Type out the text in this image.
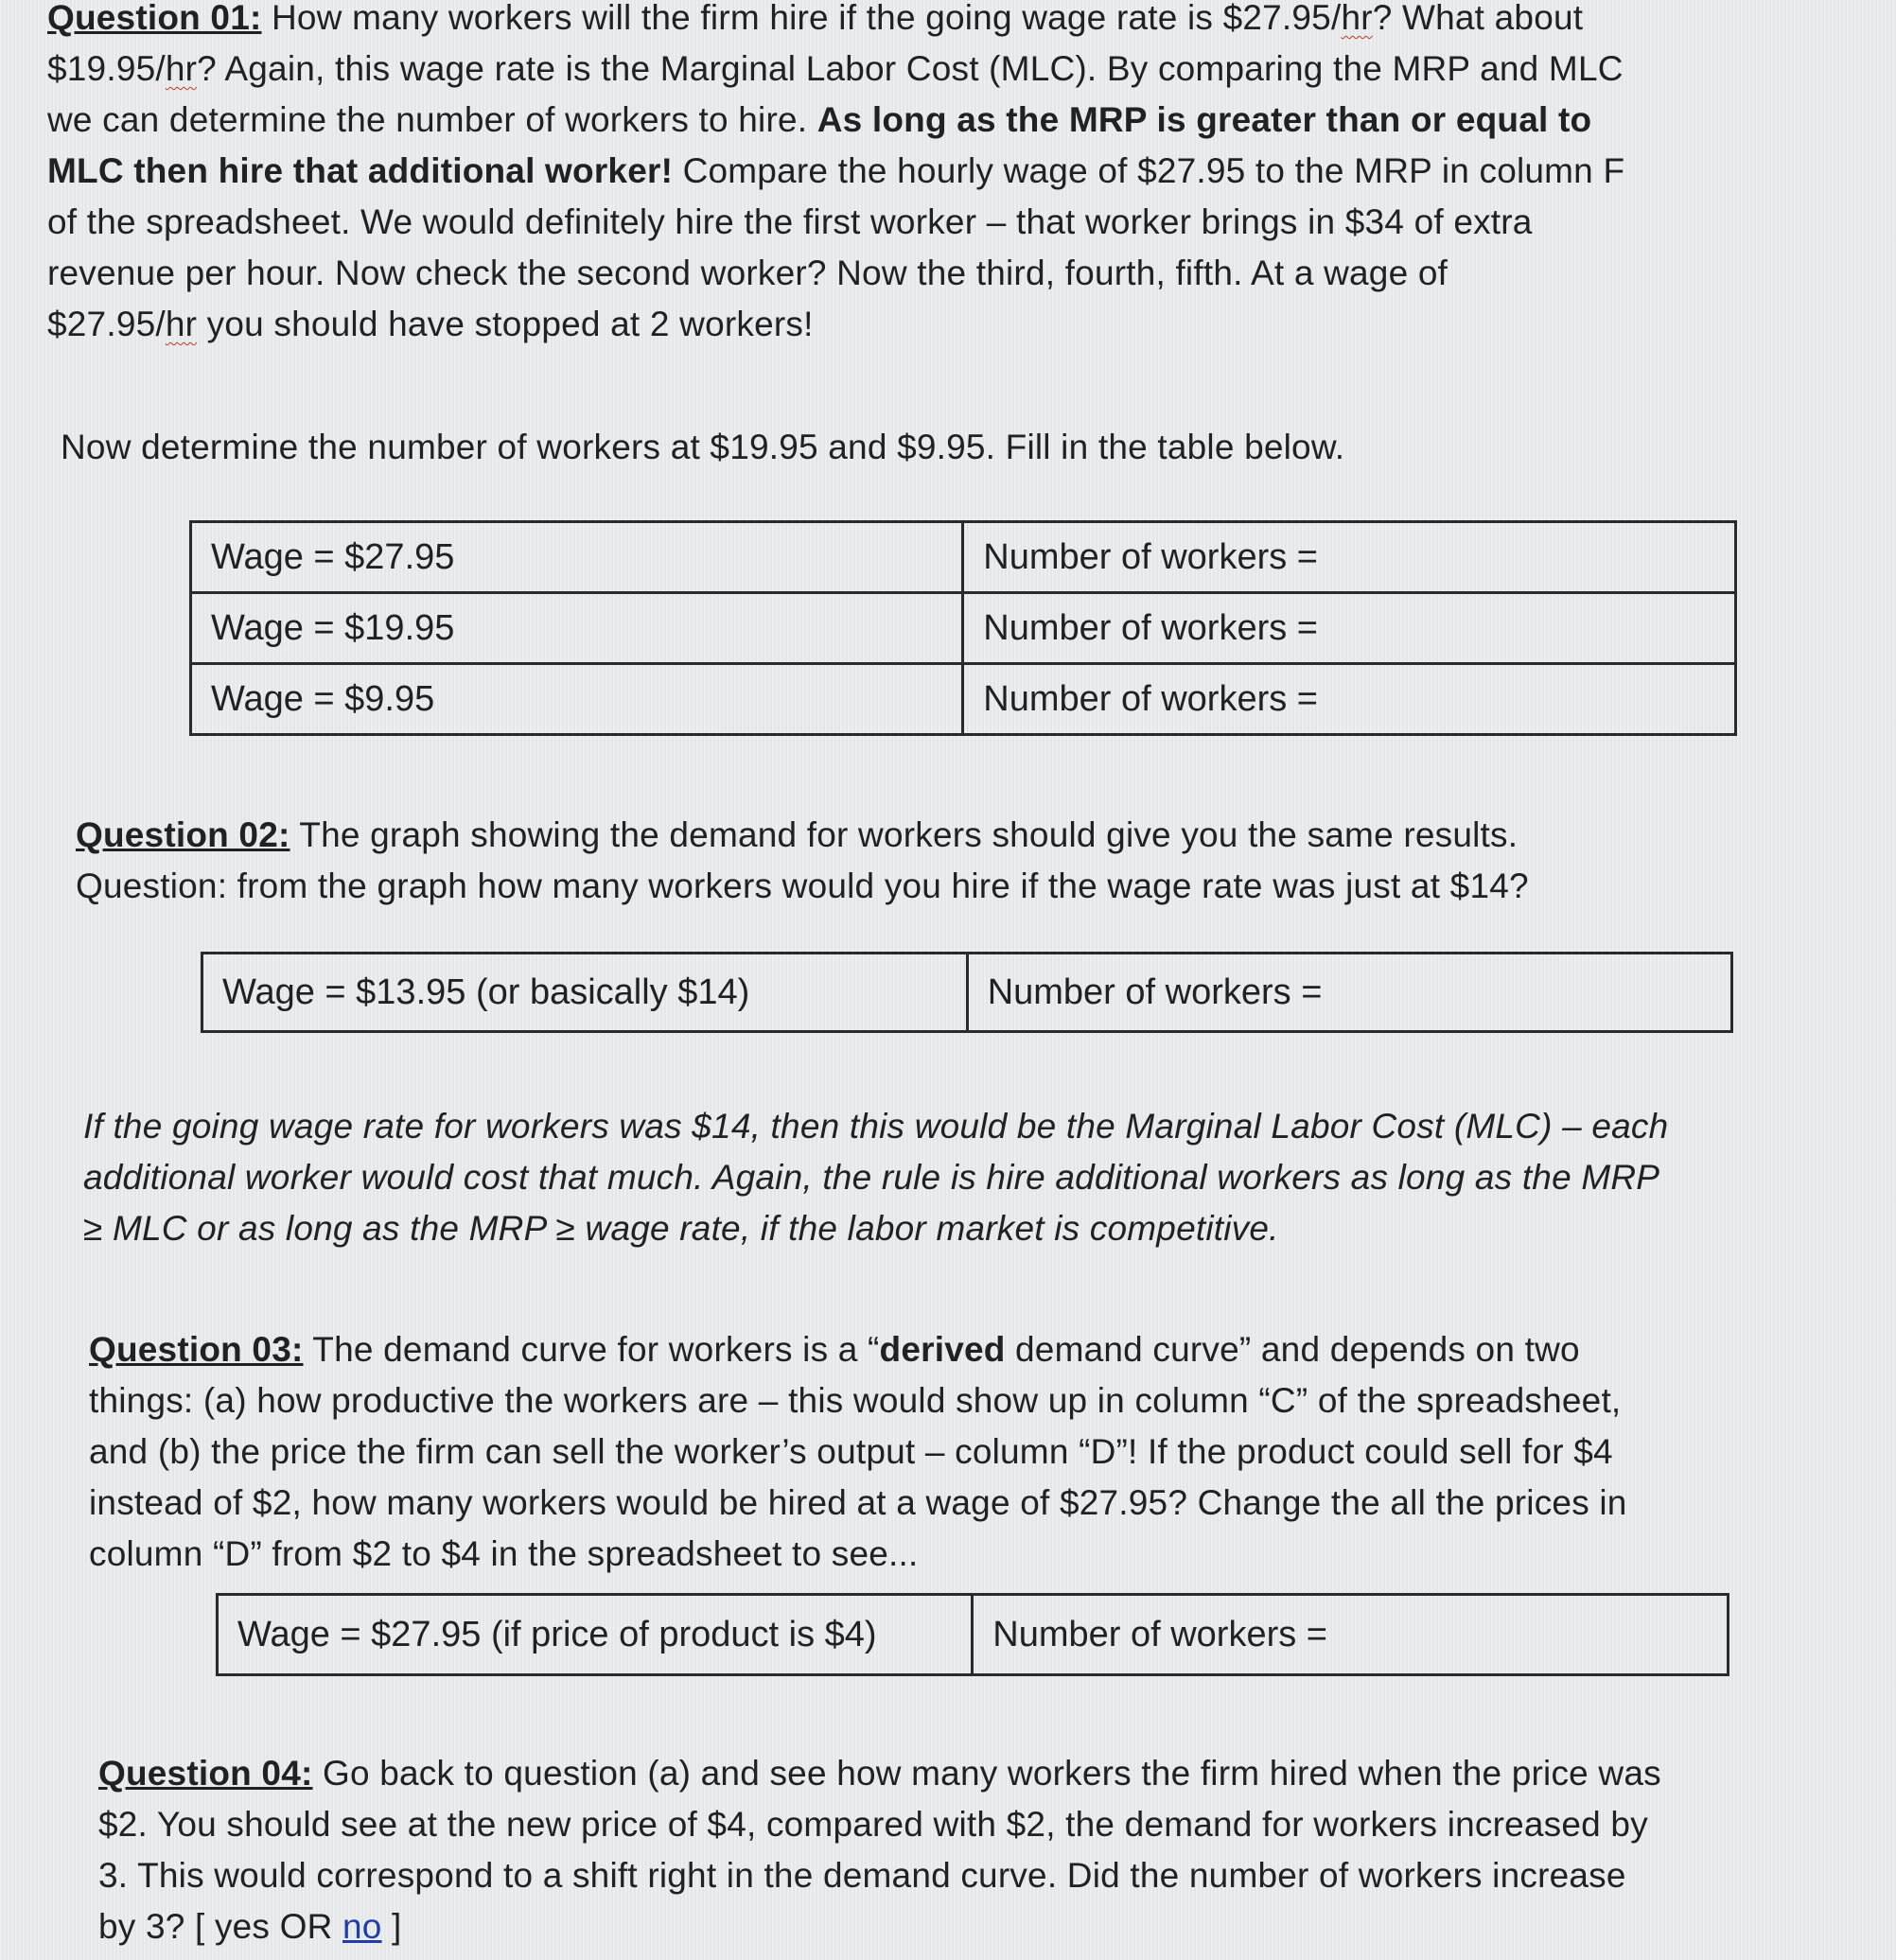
Question 01: How many workers will the firm hire if the going wage rate is $27.95/hr? What about
$19.95/hr? Again, this wage rate is the Marginal Labor Cost (MLC). By comparing the MRP and MLC
we can determine the number of workers to hire. As long as the MRP is greater than or equal to
MLC then hire that additional worker! Compare the hourly wage of $27.95 to the MRP in column F
of the spreadsheet. We would definitely hire the first worker – that worker brings in $34 of extra
revenue per hour. Now check the second worker? Now the third, fourth, fifth. At a wage of
$27.95/hr you should have stopped at 2 workers!
Now determine the number of workers at $19.95 and $9.95. Fill in the table below.
Wage = $27.95	Number of workers =
Wage = $19.95	Number of workers =
Wage = $9.95	Number of workers =
Question 02: The graph showing the demand for workers should give you the same results.
Question: from the graph how many workers would you hire if the wage rate was just at $14?
Wage = $13.95 (or basically $14)	Number of workers =
If the going wage rate for workers was $14, then this would be the Marginal Labor Cost (MLC) – each
additional worker would cost that much. Again, the rule is hire additional workers as long as the MRP
≥ MLC or as long as the MRP ≥ wage rate, if the labor market is competitive.
Question 03: The demand curve for workers is a “derived demand curve” and depends on two
things: (a) how productive the workers are – this would show up in column “C” of the spreadsheet,
and (b) the price the firm can sell the worker’s output – column “D”! If the product could sell for $4
instead of $2, how many workers would be hired at a wage of $27.95? Change the all the prices in
column “D” from $2 to $4 in the spreadsheet to see...
Wage = $27.95 (if price of product is $4)	Number of workers =
Question 04: Go back to question (a) and see how many workers the firm hired when the price was
$2. You should see at the new price of $4, compared with $2, the demand for workers increased by
3. This would correspond to a shift right in the demand curve. Did the number of workers increase
by 3? [ yes OR no ]
